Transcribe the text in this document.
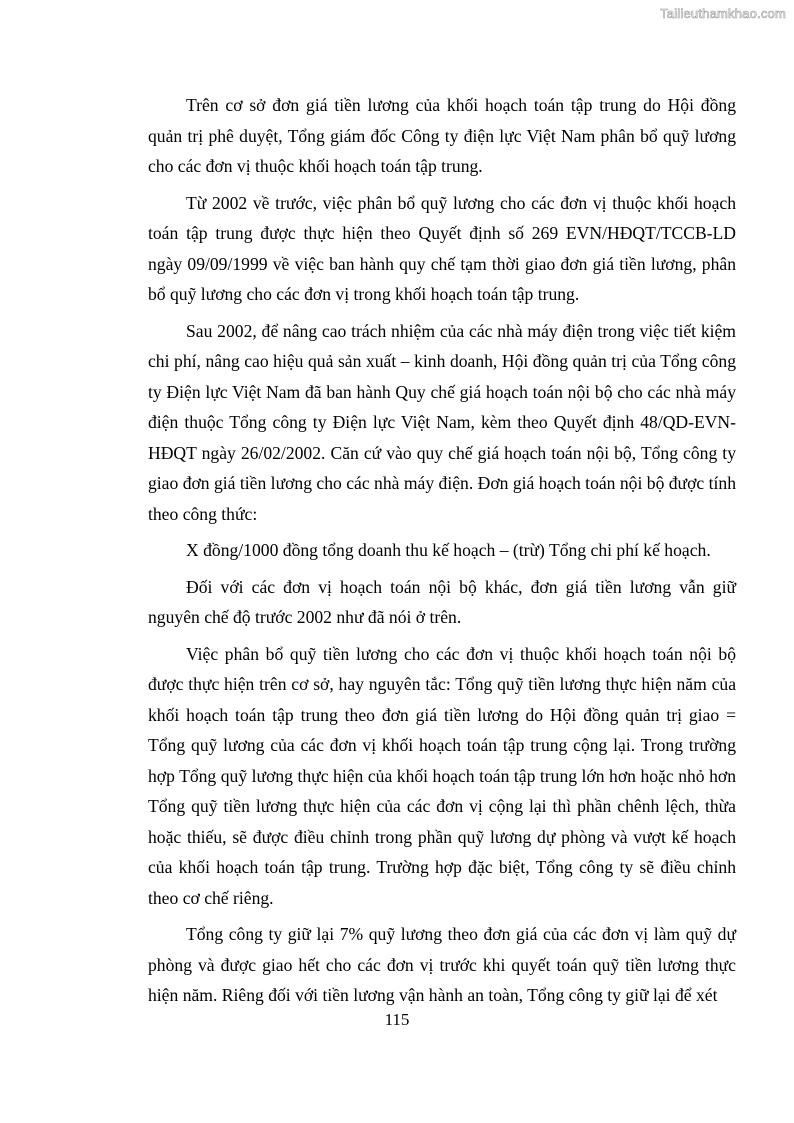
Tailieuthamkhao.com

Trên cơ sở đơn giá tiền lương của khối hoạch toán tập trung do Hội đồng quản trị phê duyệt, Tổng giám đốc Công ty điện lực Việt Nam phân bổ quỹ lương cho các đơn vị thuộc khối hoạch toán tập trung.

Từ 2002 về trước, việc phân bổ quỹ lương cho các đơn vị thuộc khối hoạch toán tập trung được thực hiện theo Quyết định số 269 EVN/HĐQT/TCCB-LD ngày 09/09/1999 về việc ban hành quy chế tạm thời giao đơn giá tiền lương, phân bổ quỹ lương cho các đơn vị trong khối hoạch toán tập trung.

Sau 2002, để nâng cao trách nhiệm của các nhà máy điện trong việc tiết kiệm chi phí, nâng cao hiệu quả sản xuất – kinh doanh, Hội đồng quản trị của Tổng công ty Điện lực Việt Nam đã ban hành Quy chế giá hoạch toán nội bộ cho các nhà máy điện thuộc Tổng công ty Điện lực Việt Nam, kèm theo Quyết định 48/QD-EVN-HĐQT ngày 26/02/2002. Căn cứ vào quy chế giá hoạch toán nội bộ, Tổng công ty giao đơn giá tiền lương cho các nhà máy điện. Đơn giá hoạch toán nội bộ được tính theo công thức:

X đồng/1000 đồng tổng doanh thu kế hoạch – (trừ) Tổng chi phí kế hoạch.

Đối với các đơn vị hoạch toán nội bộ khác, đơn giá tiền lương vẫn giữ nguyên chế độ trước 2002 như đã nói ở trên.

Việc phân bổ quỹ tiền lương cho các đơn vị thuộc khối hoạch toán nội bộ được thực hiện trên cơ sở, hay nguyên tắc: Tổng quỹ tiền lương thực hiện năm của khối hoạch toán tập trung theo đơn giá tiền lương do Hội đồng quản trị giao = Tổng quỹ lương của các đơn vị khối hoạch toán tập trung cộng lại. Trong trường hợp Tổng quỹ lương thực hiện của khối hoạch toán tập trung lớn hơn hoặc nhỏ hơn Tổng quỹ tiền lương thực hiện của các đơn vị cộng lại thì phần chênh lệch, thừa hoặc thiếu, sẽ được điều chỉnh trong phần quỹ lương dự phòng và vượt kế hoạch của khối hoạch toán tập trung. Trường hợp đặc biệt, Tổng công ty sẽ điều chỉnh theo cơ chế riêng.

Tổng công ty giữ lại 7% quỹ lương theo đơn giá của các đơn vị làm quỹ dự phòng và được giao hết cho các đơn vị trước khi quyết toán quỹ tiền lương thực hiện năm. Riêng đối với tiền lương vận hành an toàn, Tổng công ty giữ lại để xét

115
